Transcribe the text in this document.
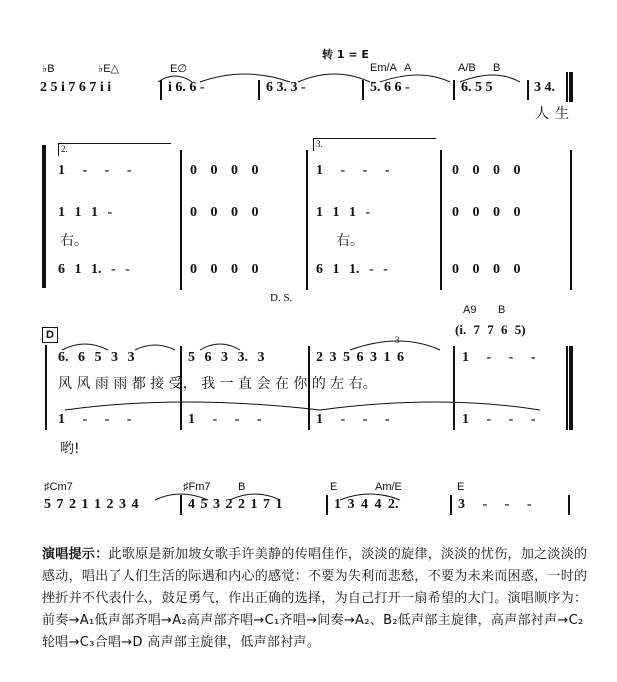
转 1 = E
♭B	♭E△	E∅	Em/A A	A/B B
2 5 i 7 6 7 i i	i 6. 6 -	6 3. 3 -	5. 6 6 -	6. 5 5	3 4.
人生
2.	3.
1 - - -	0 0 0 0	1 - - -	0 0 0 0
1 1 1 -	0 0 0 0	1 1 1 -	0 0 0 0
右。	右。
6 1 1. - -	0 0 0 0	6 1 1. - -	0 0 0 0
D. S.
D
A9 B
(i. 7 7 6 5)
3
6. 6 5 3 3	5 6 3 3. 3	2 3 5 6 3 1 6	1 - - -
风 风 雨 雨 都 接 受， 我 一 直 会 在 你 的 左 右。
1 - - -	1 - - -	1 - - -	1 - - -
哟!
♯Cm7	♯Fm7	B	E	Am/E	E
5 7 2 1 1 2 3 4	4 5 3 2 2 1 7 1	1 3 4 4 2.	3 - - -
演唱提示：此歌原是新加坡女歌手许美静的传唱佳作，淡淡的旋律，淡淡的忧伤，加之淡淡的感动，唱出了人们生活的际遇和内心的感觉：不要为失利而悲愁，不要为未来而困惑，一时的挫折并不代表什么，鼓足勇气，作出正确的选择，为自己打开一扇希望的大门。演唱顺序为：前奏→A₁低声部齐唱→A₂高声部齐唱→C₁齐唱→间奏→A₂、B₂低声部主旋律，高声部衬声→C₂轮唱→C₃合唱→D 高声部主旋律，低声部衬声。
